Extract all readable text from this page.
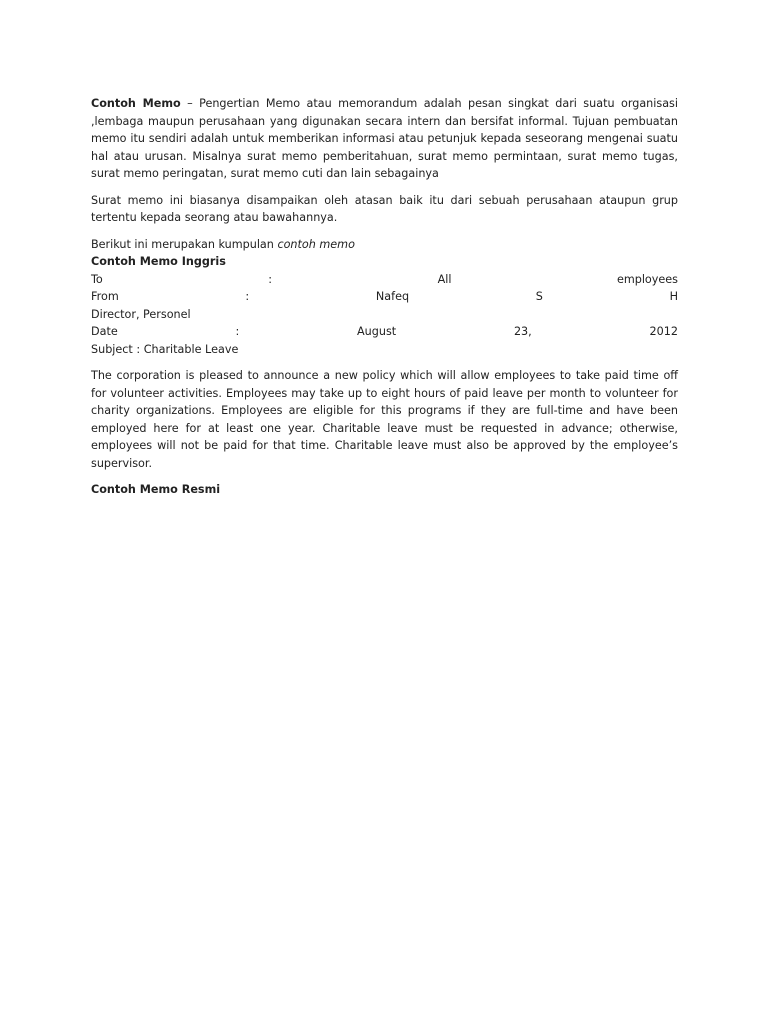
Contoh Memo – Pengertian Memo atau memorandum adalah pesan singkat dari suatu organisasi ,lembaga maupun perusahaan yang digunakan secara intern dan bersifat informal. Tujuan pembuatan memo itu sendiri adalah untuk memberikan informasi atau petunjuk kepada seseorang mengenai suatu hal atau urusan. Misalnya surat memo pemberitahuan, surat memo permintaan, surat memo tugas, surat memo peringatan, surat memo cuti dan lain sebagainya

Surat memo ini biasanya disampaikan oleh atasan baik itu dari sebuah perusahaan ataupun grup tertentu kepada seorang atau bawahannya.

Berikut ini merupakan kumpulan contoh memo

Contoh Memo Inggris

To	:	All	employees
From	:	Nafeq	S	H

Director, Personel

Date	:	August	23,	2012

Subject : Charitable Leave

The corporation is pleased to announce a new policy which will allow employees to take paid time off for volunteer activities. Employees may take up to eight hours of paid leave per month to volunteer for charity organizations. Employees are eligible for this programs if they are full-time and have been employed here for at least one year. Charitable leave must be requested in advance; otherwise, employees will not be paid for that time. Charitable leave must also be approved by the employee’s supervisor.

Contoh Memo Resmi
